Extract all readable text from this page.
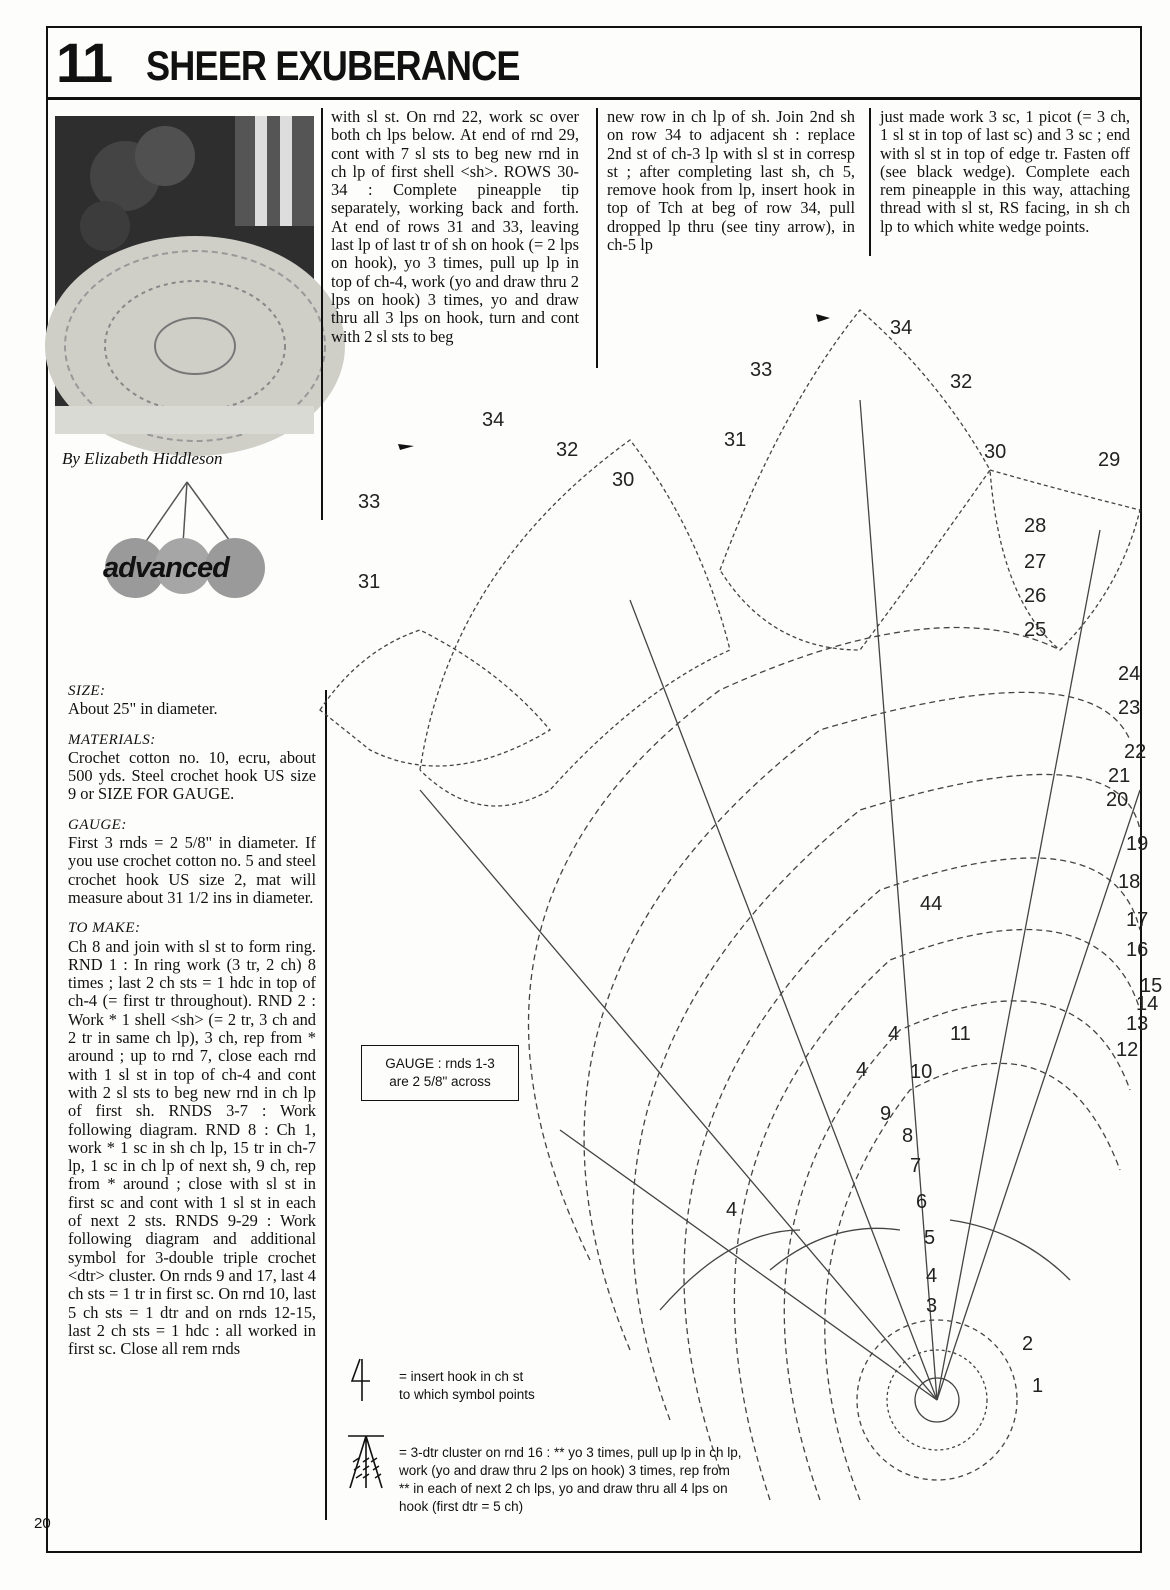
11 SHEER EXUBERANCE
By Elizabeth Hiddleson
advanced
SIZE:

About 25" in diameter.

MATERIALS:

Crochet cotton no. 10, ecru, about 500 yds. Steel crochet hook US size 9 or SIZE FOR GAUGE.

GAUGE:

First 3 rnds = 2 5/8" in diameter. If you use crochet cotton no. 5 and steel crochet hook US size 2, mat will measure about 31 1/2 ins in diameter.

TO MAKE:

Ch 8 and join with sl st to form ring. RND 1 : In ring work (3 tr, 2 ch) 8 times ; last 2 ch sts = 1 hdc in top of ch-4 (= first tr throughout). RND 2 : Work * 1 shell <sh> (= 2 tr, 3 ch and 2 tr in same ch lp), 3 ch, rep from * around ; up to rnd 7, close each rnd with 1 sl st in top of ch-4 and cont with 2 sl sts to beg new rnd in ch lp of first sh. RNDS 3-7 : Work following diagram. RND 8 : Ch 1, work * 1 sc in sh ch lp, 15 tr in ch-7 lp, 1 sc in ch lp of next sh, 9 ch, rep from * around ; close with sl st in first sc and cont with 1 sl st in each of next 2 sts. RNDS 9-29 : Work following diagram and additional symbol for 3-double triple crochet <dtr> cluster. On rnds 9 and 17, last 4 ch sts = 1 tr in first sc. On rnd 10, last 5 ch sts = 1 dtr and on rnds 12-15, last 2 ch sts = 1 hdc : all worked in first sc. Close all rem rnds

with sl st. On rnd 22, work sc over both ch lps below. At end of rnd 29, cont with 7 sl sts to beg new rnd in ch lp of first shell <sh>. ROWS 30-34 : Complete pineapple tip separately, working back and forth. At end of rows 31 and 33, leaving last lp of last tr of sh on hook (= 2 lps on hook), yo 3 times, pull up lp in top of ch-4, work (yo and draw thru 2 lps on hook) 3 times, yo and draw thru all 3 lps on hook, turn and cont with 2 sl sts to beg
new row in ch lp of sh. Join 2nd sh on row 34 to adjacent sh : replace 2nd st of ch-3 lp with sl st in corresp st ; after completing last sh, ch 5, remove hook from lp, insert hook in top of Tch at beg of row 34, pull dropped lp thru (see tiny arrow), in ch-5 lp
just made work 3 sc, 1 picot (= 3 ch, 1 sl st in top of last sc) and 3 sc ; end with sl st in top of edge tr. Fasten off (see black wedge). Complete each rem pineapple in this way, attaching thread with sl st, RS facing, in sh ch lp to which white wedge points.
1
2
3
4
5
6
7
8
9
10
11
12
13
14
15
16
17
18
19
20
21
22
23
24
25
26
27
28
29
30
31
32
33
34
30
31
32
33
34
44
4
4
4
GAUGE : rnds 1-3
are 2 5/8" across
= insert hook in ch st
to which symbol points
= 3-dtr cluster on rnd 16 : ** yo 3 times, pull up lp in ch lp,
work (yo and draw thru 2 lps on hook) 3 times, rep from
** in each of next 2 ch lps, yo and draw thru all 4 lps on
hook (first dtr = 5 ch)
20
